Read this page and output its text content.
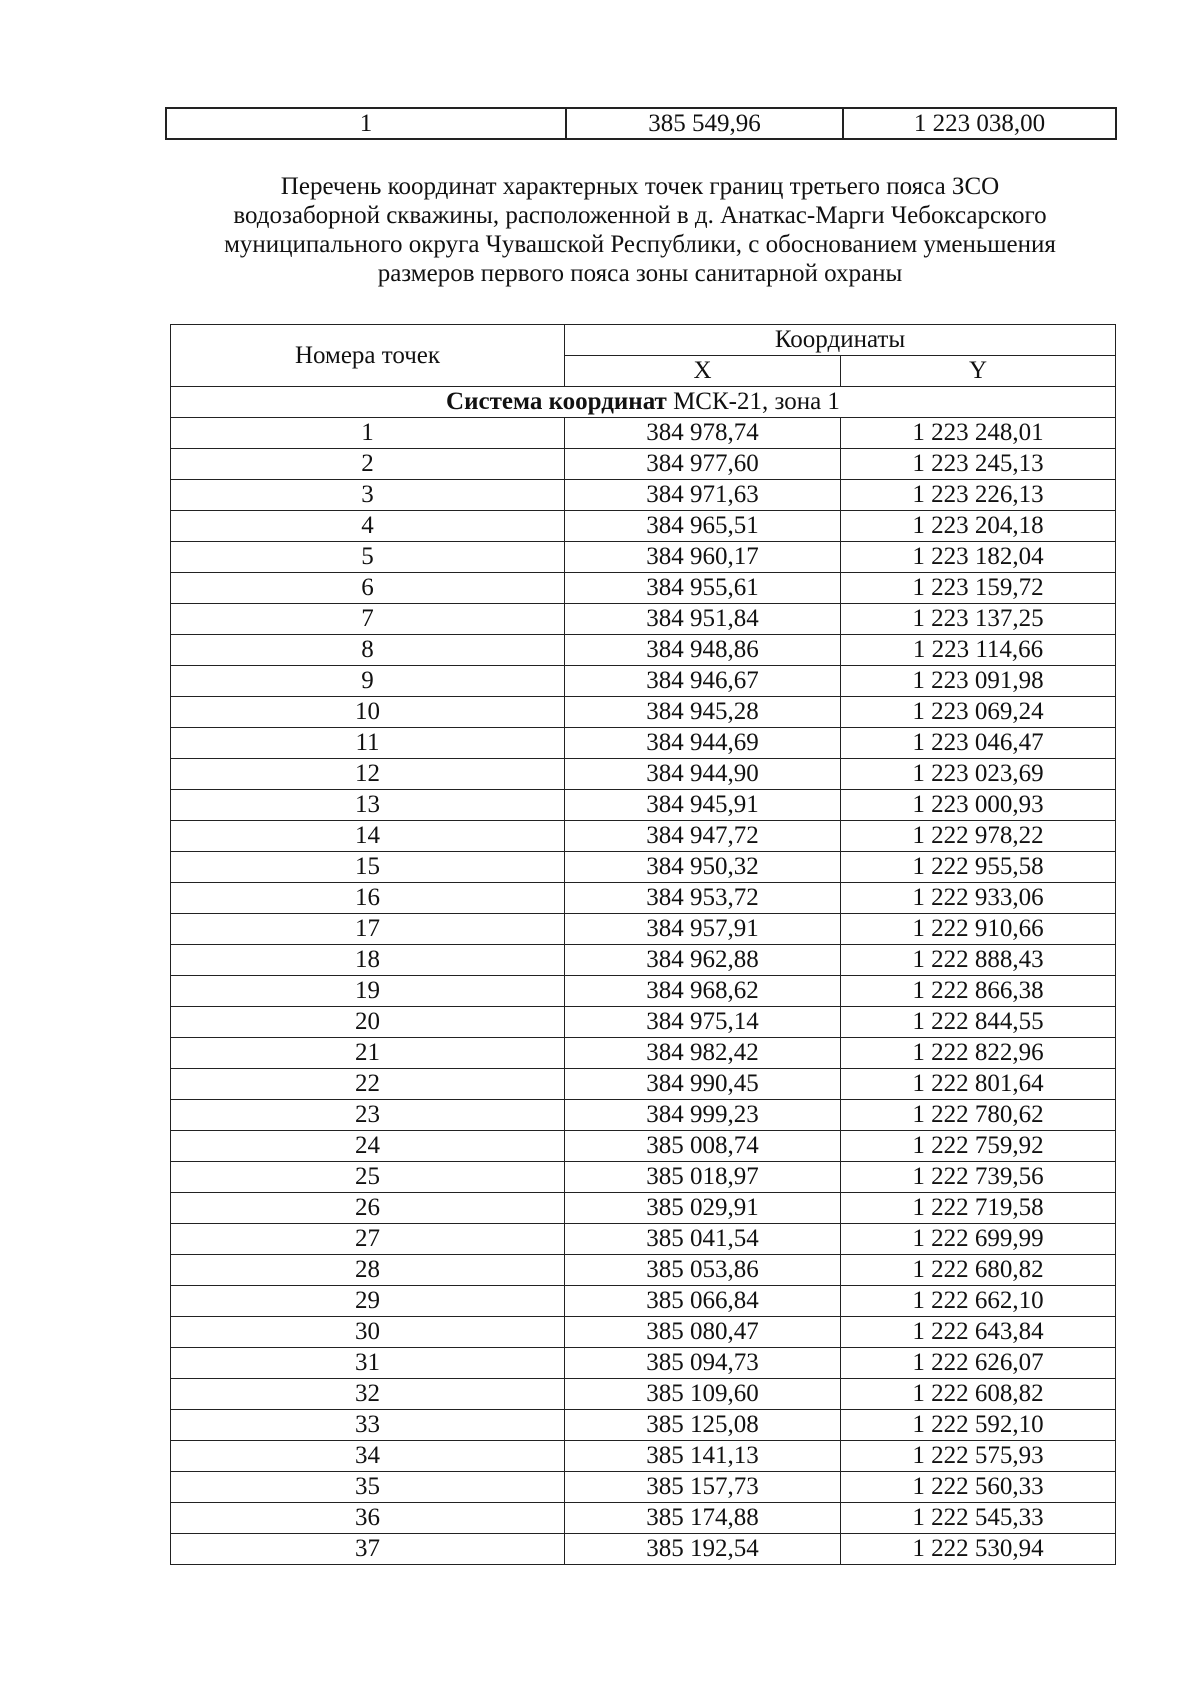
1	385 549,96	1 223 038,00
Перечень координат характерных точек границ третьего пояса ЗСО
водозаборной скважины, расположенной в д. Анаткас-Марги Чебоксарского
муниципального округа Чувашской Республики, с обоснованием уменьшения
размеров первого пояса зоны санитарной охраны
Номера точек	Координаты	
	X	Y
Система координат МСК-21, зона 1		
1	384 978,74	1 223 248,01
2	384 977,60	1 223 245,13
3	384 971,63	1 223 226,13
4	384 965,51	1 223 204,18
5	384 960,17	1 223 182,04
6	384 955,61	1 223 159,72
7	384 951,84	1 223 137,25
8	384 948,86	1 223 114,66
9	384 946,67	1 223 091,98
10	384 945,28	1 223 069,24
11	384 944,69	1 223 046,47
12	384 944,90	1 223 023,69
13	384 945,91	1 223 000,93
14	384 947,72	1 222 978,22
15	384 950,32	1 222 955,58
16	384 953,72	1 222 933,06
17	384 957,91	1 222 910,66
18	384 962,88	1 222 888,43
19	384 968,62	1 222 866,38
20	384 975,14	1 222 844,55
21	384 982,42	1 222 822,96
22	384 990,45	1 222 801,64
23	384 999,23	1 222 780,62
24	385 008,74	1 222 759,92
25	385 018,97	1 222 739,56
26	385 029,91	1 222 719,58
27	385 041,54	1 222 699,99
28	385 053,86	1 222 680,82
29	385 066,84	1 222 662,10
30	385 080,47	1 222 643,84
31	385 094,73	1 222 626,07
32	385 109,60	1 222 608,82
33	385 125,08	1 222 592,10
34	385 141,13	1 222 575,93
35	385 157,73	1 222 560,33
36	385 174,88	1 222 545,33
37	385 192,54	1 222 530,94
